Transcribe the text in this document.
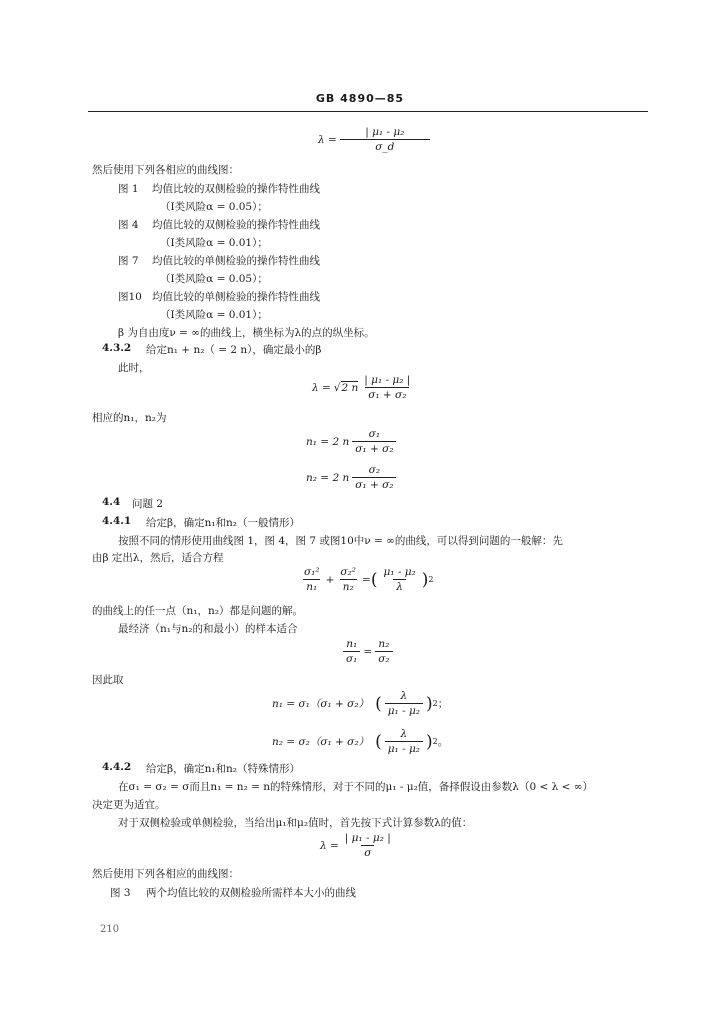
GB 4890—85
$\lambda = \frac{\text{| μ₁ - μ₂}}{\sigma\_d}$
然后使用下列各相应的曲线图：
图 1 均值比较的双侧检验的操作特性曲线
（Ⅰ类风险α = 0.05）；
图 4 均值比较的双侧检验的操作特性曲线
（Ⅰ类风险α = 0.01）；
图 7 均值比较的单侧检验的操作特性曲线
（Ⅰ类风险α = 0.05）；
图10 均值比较的单侧检验的操作特性曲线
（Ⅰ类风险α = 0.01）；
β 为自由度ν = ∞的曲线上，横坐标为λ的点的纵坐标。
4.3.2 给定n₁ + n₂（ = 2 n），确定最小的β
此时，
λ = √ 2 n $\frac{\text{| μ₁ - μ₂ |}}{\text{σ₁ + σ₂}}$
相应的n₁，n₂为
n₁ = 2 n $\frac{\text{σ₁}}{\text{σ₁ + σ₂}}$
n₂ = 2 n $\frac{\text{σ₂}}{\text{σ₁ + σ₂}}$
4.4 问题 2
4.4.1 给定β，确定n₁和n₂（一般情形）
按照不同的情形使用曲线图 1，图 4，图 7 或图10中ν = ∞的曲线，可以得到问题的一般解：先
由β 定出λ，然后，适合方程
$\frac{\text{σ₁²}}{\text{n₁}} + \frac{\text{σ₂²}}{\text{n₂}}$ = ( $\frac{\text{μ₁ - μ₂}}{\lambda}$ ) 2
的曲线上的任一点（n₁，n₂）都是问题的解。
最经济（n₁与n₂的和最小）的样本适合
$\frac{\text{n₁}}{\text{σ₁}} = \frac{\text{n₂}}{\text{σ₂}}$
因此取
n₁ = σ₁（σ₁ + σ₂） ( $\frac{\lambda}{\text{μ₁ - μ₂}}$ ) 2 ；
n₂ = σ₂（σ₁ + σ₂） ( $\frac{\lambda}{\text{μ₁ - μ₂}}$ ) 2 。
4.4.2 给定β，确定n₁和n₂（特殊情形）
在σ₁ = σ₂ = σ而且n₁ = n₂ = n的特殊情形，对于不同的μ₁ - μ₂值，备择假设由参数λ（0 < λ < ∞）
决定更为适宜。
对于双侧检验或单侧检验，当给出μ₁和μ₂值时，首先按下式计算参数λ的值：
$\lambda = \frac{\text{| μ₁ - μ₂ |}}{\sigma}$
然后使用下列各相应的曲线图：
图 3 两个均值比较的双侧检验所需样本大小的曲线
210
